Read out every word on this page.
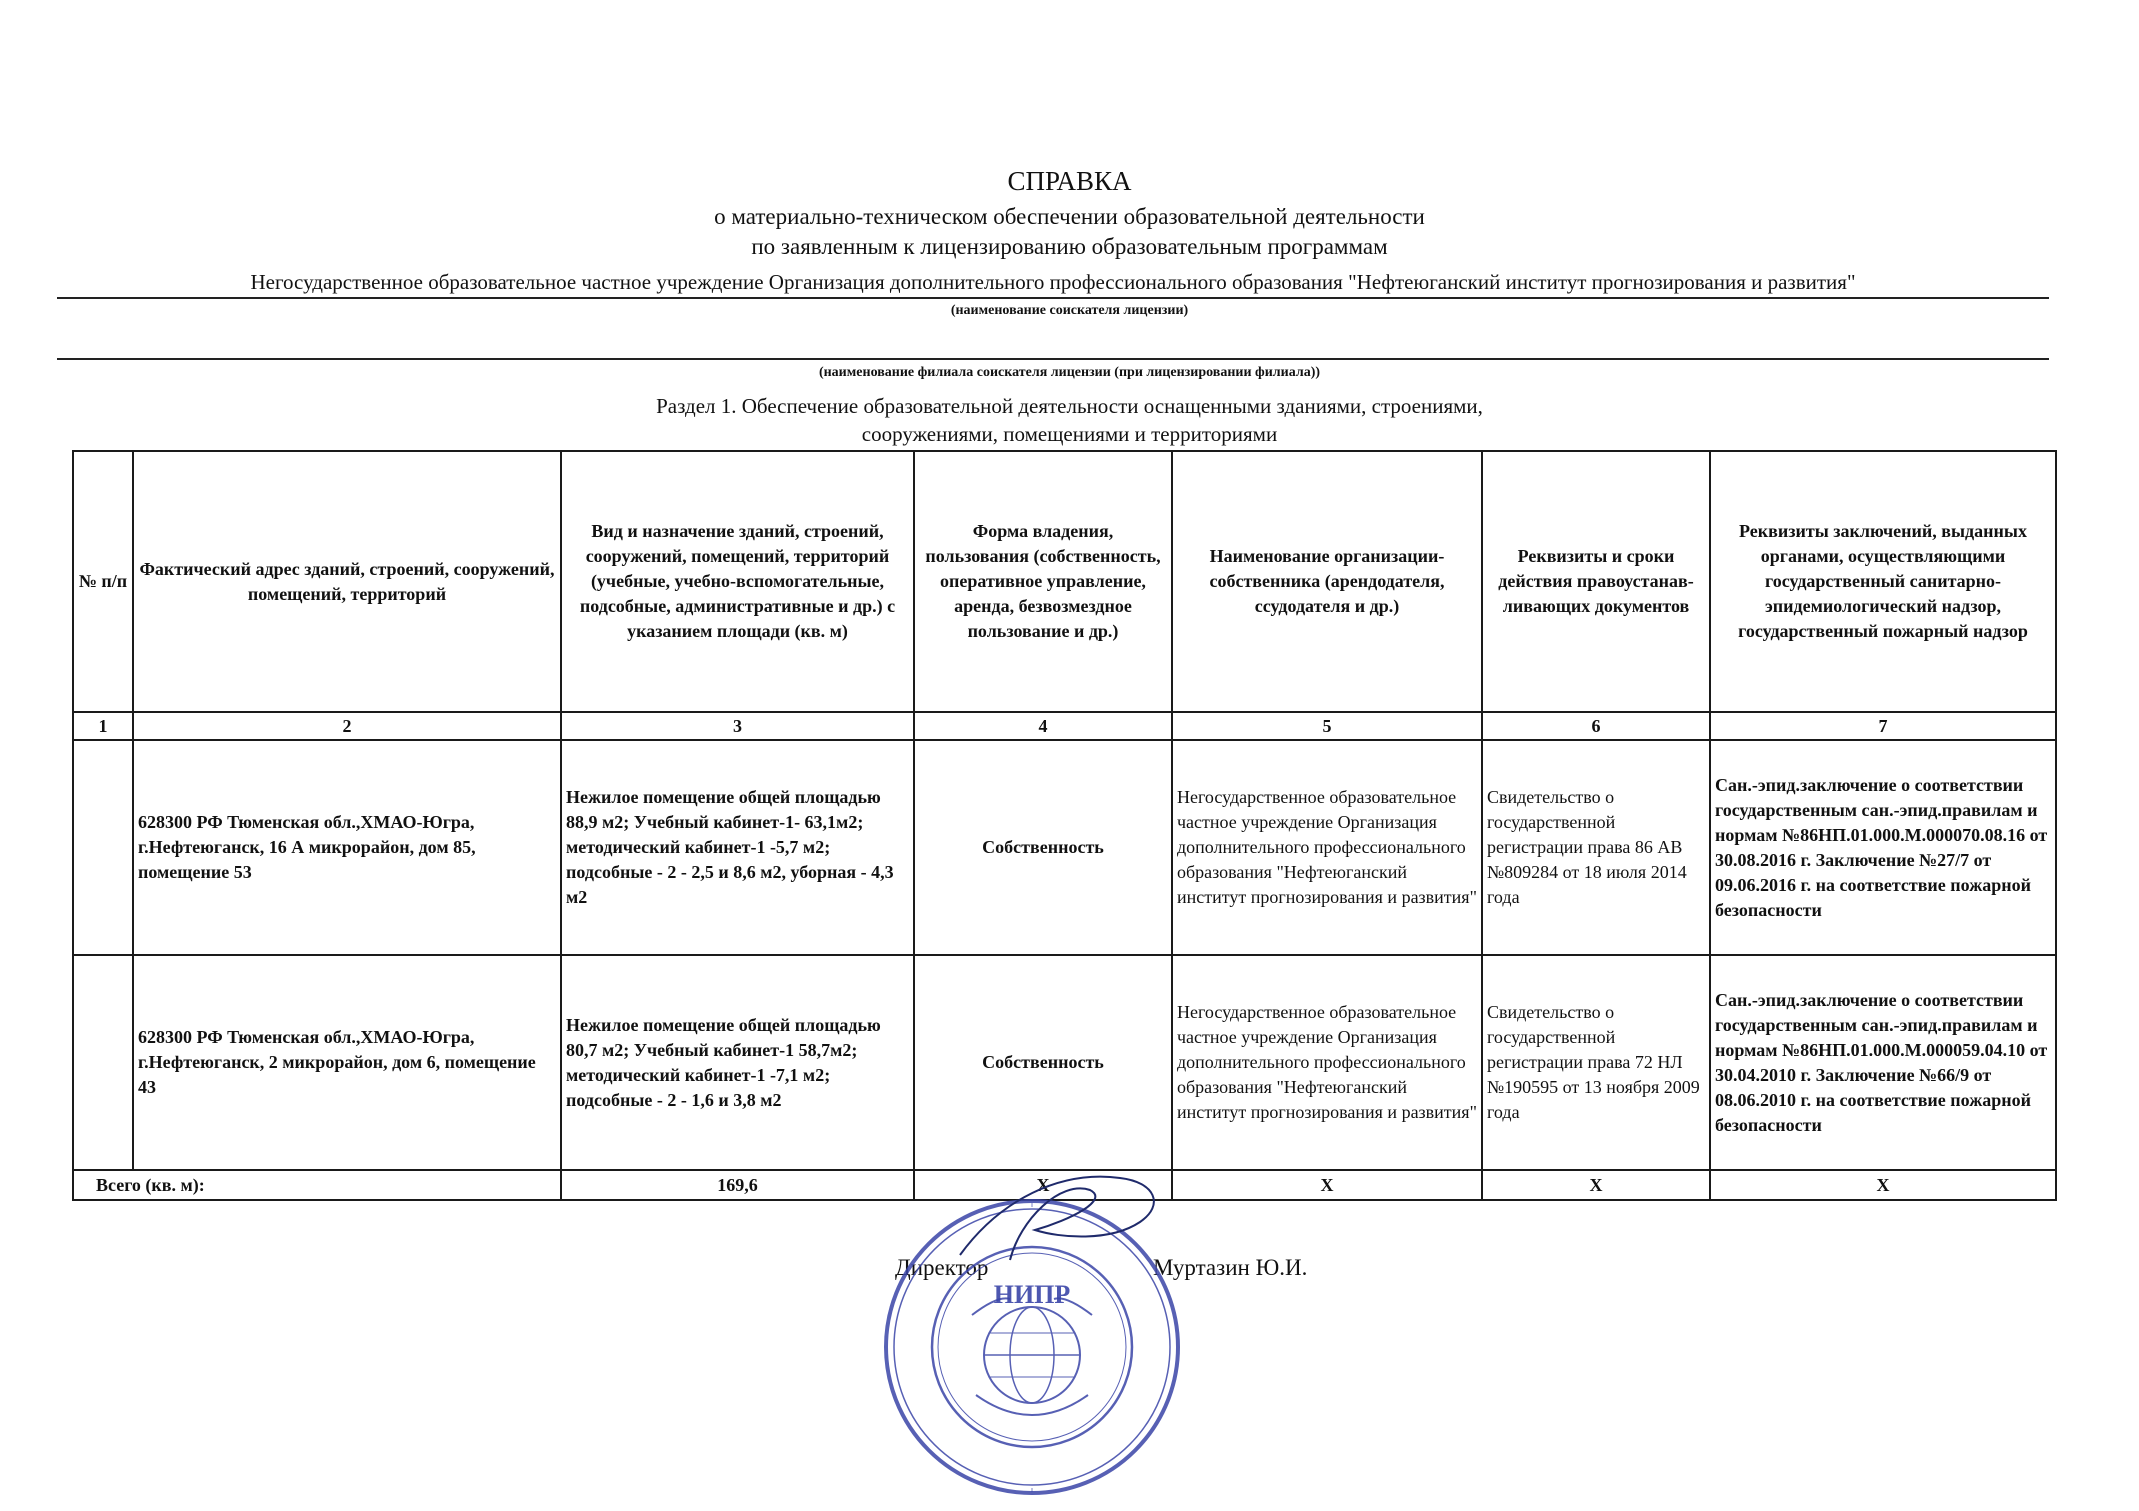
СПРАВКА
о материально-техническом обеспечении образовательной деятельности
по заявленным к лицензированию образовательным программам
Негосударственное образовательное частное учреждение Организация дополнительного профессионального образования "Нефтеюганский институт прогнозирования и развития"
(наименование соискателя лицензии)
(наименование филиала соискателя лицензии (при лицензировании филиала))
Раздел 1. Обеспечение образовательной деятельности оснащенными зданиями, строениями,
сооружениями, помещениями и территориями
№ п/п	Фактический адрес зданий, строений, сооружений, помещений, территорий	Вид и назначение зданий, строений, сооружений, помещений, территорий (учебные, учебно-вспомогательные, подсобные, административные и др.) с указанием площади (кв. м)	Форма владения, пользования (собственность, оперативное управление, аренда, безвозмездное пользование и др.)	Наименование организации-собственника (арендодателя, ссудодателя и др.)	Реквизиты и сроки действия правоустанав-ливающих документов	Реквизиты заключений, выданных органами, осуществляющими государственный санитарно-эпидемиологический надзор, государственный пожарный надзор
1	2	3	4	5	6	7
	628300 РФ Тюменская обл.,ХМАО-Югра, г.Нефтеюганск, 16 А микрорайон, дом 85, помещение 53	Нежилое помещение общей площадью 88,9 м2; Учебный кабинет-1- 63,1м2; методический кабинет-1 -5,7 м2; подсобные - 2 - 2,5 и 8,6 м2, уборная - 4,3 м2	Собственность	Негосударственное образовательное частное учреждение Организация дополнительного профессионального образования "Нефтеюганский институт прогнозирования и развития"	Свидетельство о государственной регистрации права 86 АВ №809284 от 18 июля 2014 года	Сан.-эпид.заключение о соответствии государственным сан.-эпид.правилам и нормам №86НП.01.000.М.000070.08.16 от 30.08.2016 г. Заключение №27/7 от 09.06.2016 г. на соответствие пожарной безопасности
	628300 РФ Тюменская обл.,ХМАО-Югра, г.Нефтеюганск, 2 микрорайон, дом 6, помещение 43	Нежилое помещение общей площадью 80,7 м2; Учебный кабинет-1 58,7м2; методический кабинет-1 -7,1 м2; подсобные - 2 - 1,6 и 3,8 м2	Собственность	Негосударственное образовательное частное учреждение Организация дополнительного профессионального образования "Нефтеюганский институт прогнозирования и развития"	Свидетельство о государственной регистрации права 72 НЛ №190595 от 13 ноября 2009 года	Сан.-эпид.заключение о соответствии государственным сан.-эпид.правилам и нормам №86НП.01.000.М.000059.04.10 от 30.04.2010 г. Заключение №66/9 от 08.06.2010 г. на соответствие пожарной безопасности
Всего (кв. м):		169,6	Х	Х	Х	Х
Директор	Муртазин Ю.И.
НИПР
